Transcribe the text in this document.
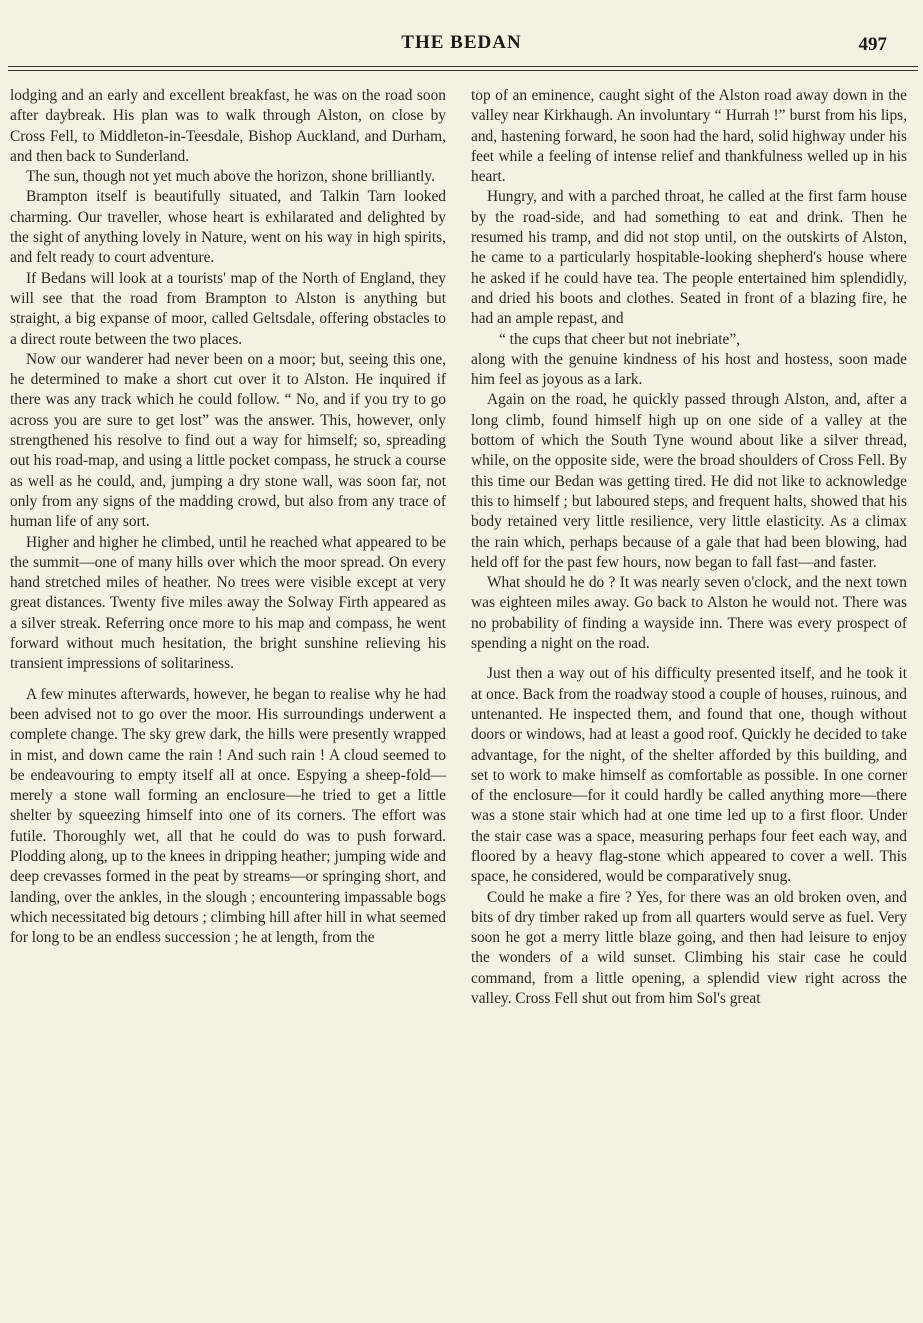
THE BEDAN	497

lodging and an early and excellent breakfast, he was on the road soon after daybreak. His plan was to walk through Alston, on close by Cross Fell, to Middleton-in-Teesdale, Bishop Auckland, and Durham, and then back to Sunderland.

The sun, though not yet much above the horizon, shone brilliantly.

Brampton itself is beautifully situated, and Talkin Tarn looked charming. Our traveller, whose heart is exhilarated and delighted by the sight of anything lovely in Nature, went on his way in high spirits, and felt ready to court adventure.

If Bedans will look at a tourists' map of the North of England, they will see that the road from Brampton to Alston is anything but straight, a big expanse of moor, called Geltsdale, offering obstacles to a direct route between the two places.

Now our wanderer had never been on a moor; but, seeing this one, he determined to make a short cut over it to Alston. He inquired if there was any track which he could follow. “ No, and if you try to go across you are sure to get lost” was the answer. This, however, only strengthened his resolve to find out a way for himself; so, spreading out his road-map, and using a little pocket compass, he struck a course as well as he could, and, jumping a dry stone wall, was soon far, not only from any signs of the madding crowd, but also from any trace of human life of any sort.

Higher and higher he climbed, until he reached what appeared to be the summit—one of many hills over which the moor spread. On every hand stretched miles of heather. No trees were visible except at very great distances. Twenty five miles away the Solway Firth appeared as a silver streak. Referring once more to his map and compass, he went forward without much hesitation, the bright sunshine relieving his transient impressions of solitariness.

A few minutes afterwards, however, he began to realise why he had been advised not to go over the moor. His surroundings underwent a complete change. The sky grew dark, the hills were presently wrapped in mist, and down came the rain ! And such rain ! A cloud seemed to be endeavouring to empty itself all at once. Espying a sheep-fold—merely a stone wall forming an enclosure—he tried to get a little shelter by squeezing himself into one of its corners. The effort was futile. Thoroughly wet, all that he could do was to push forward. Plodding along, up to the knees in dripping heather; jumping wide and deep crevasses formed in the peat by streams—or springing short, and landing, over the ankles, in the slough ; encountering impassable bogs which necessitated big detours ; climbing hill after hill in what seemed for long to be an endless succession ; he at length, from the

top of an eminence, caught sight of the Alston road away down in the valley near Kirkhaugh. An involuntary “ Hurrah !” burst from his lips, and, hastening forward, he soon had the hard, solid highway under his feet while a feeling of intense relief and thankfulness welled up in his heart.

Hungry, and with a parched throat, he called at the first farm house by the road-side, and had something to eat and drink. Then he resumed his tramp, and did not stop until, on the outskirts of Alston, he came to a particularly hospitable-looking shepherd's house where he asked if he could have tea. The people entertained him splendidly, and dried his boots and clothes. Seated in front of a blazing fire, he had an ample repast, and

“ the cups that cheer but not inebriate”,

along with the genuine kindness of his host and hostess, soon made him feel as joyous as a lark.

Again on the road, he quickly passed through Alston, and, after a long climb, found himself high up on one side of a valley at the bottom of which the South Tyne wound about like a silver thread, while, on the opposite side, were the broad shoulders of Cross Fell. By this time our Bedan was getting tired. He did not like to acknowledge this to himself ; but laboured steps, and frequent halts, showed that his body retained very little resilience, very little elasticity. As a climax the rain which, perhaps because of a gale that had been blowing, had held off for the past few hours, now began to fall fast—and faster.

What should he do ? It was nearly seven o'clock, and the next town was eighteen miles away. Go back to Alston he would not. There was no probability of finding a wayside inn. There was every prospect of spending a night on the road.

Just then a way out of his difficulty presented itself, and he took it at once. Back from the roadway stood a couple of houses, ruinous, and untenanted. He inspected them, and found that one, though without doors or windows, had at least a good roof. Quickly he decided to take advantage, for the night, of the shelter afforded by this building, and set to work to make himself as comfortable as possible. In one corner of the enclosure—for it could hardly be called anything more—there was a stone stair which had at one time led up to a first floor. Under the stair case was a space, measuring perhaps four feet each way, and floored by a heavy flag-stone which appeared to cover a well. This space, he considered, would be comparatively snug.

Could he make a fire ? Yes, for there was an old broken oven, and bits of dry timber raked up from all quarters would serve as fuel. Very soon he got a merry little blaze going, and then had leisure to enjoy the wonders of a wild sunset. Climbing his stair case he could command, from a little opening, a splendid view right across the valley. Cross Fell shut out from him Sol's great
